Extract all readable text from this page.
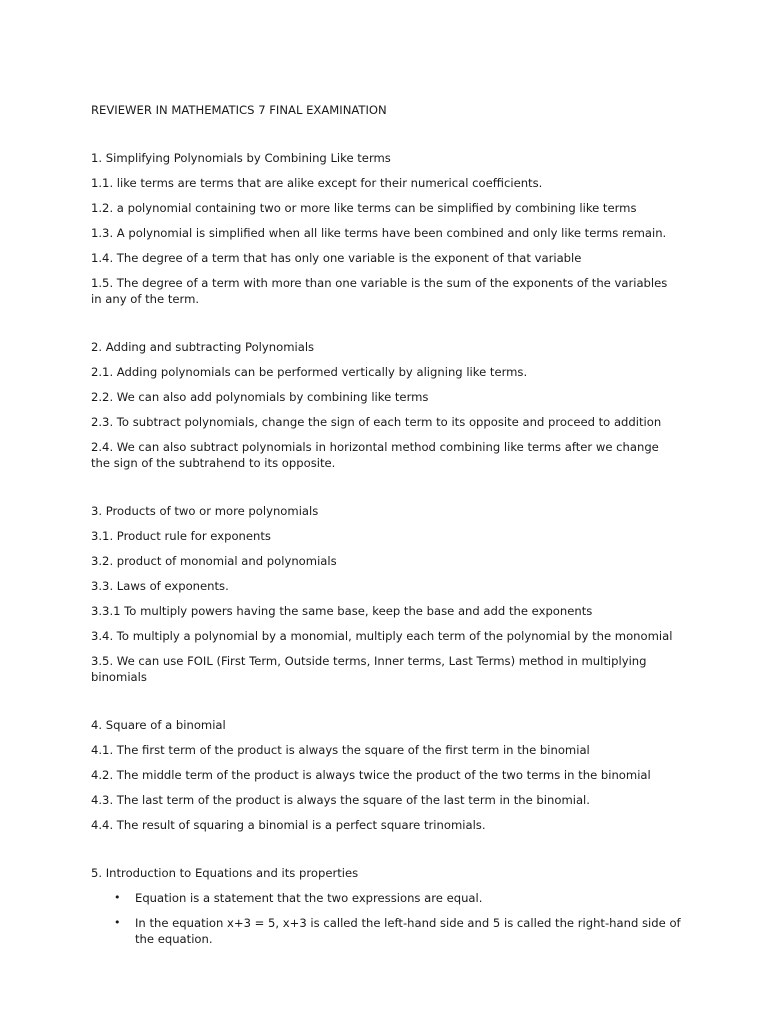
REVIEWER IN MATHEMATICS 7 FINAL EXAMINATION
1. Simplifying Polynomials by Combining Like terms
1.1. like terms are terms that are alike except for their numerical coefficients.
1.2. a polynomial containing two or more like terms can be simplified by combining like terms
1.3. A polynomial is simplified when all like terms have been combined and only like terms remain.
1.4. The degree of a term that has only one variable is the exponent of that variable
1.5. The degree of a term with more than one variable is the sum of the exponents of the variables in any of the term.
2. Adding and subtracting Polynomials
2.1. Adding polynomials can be performed vertically by aligning like terms.
2.2. We can also add polynomials by combining like terms
2.3. To subtract polynomials, change the sign of each term to its opposite and proceed to addition
2.4. We can also subtract polynomials in horizontal method combining like terms after we change the sign of the subtrahend to its opposite.
3. Products of two or more polynomials
3.1. Product rule for exponents
3.2. product of monomial and polynomials
3.3. Laws of exponents.
3.3.1 To multiply powers having the same base, keep the base and add the exponents
3.4. To multiply a polynomial by a monomial, multiply each term of the polynomial by the monomial
3.5. We can use FOIL (First Term, Outside terms, Inner terms, Last Terms) method in multiplying binomials
4. Square of a binomial
4.1. The first term of the product is always the square of the first term in the binomial
4.2. The middle term of the product is always twice the product of the two terms in the binomial
4.3. The last term of the product is always the square of the last term in the binomial.
4.4. The result of squaring a binomial is a perfect square trinomials.
5. Introduction to Equations and its properties
• Equation is a statement that the two expressions are equal.
• In the equation x+3 = 5, x+3 is called the left-hand side and 5 is called the right-hand side of the equation.
